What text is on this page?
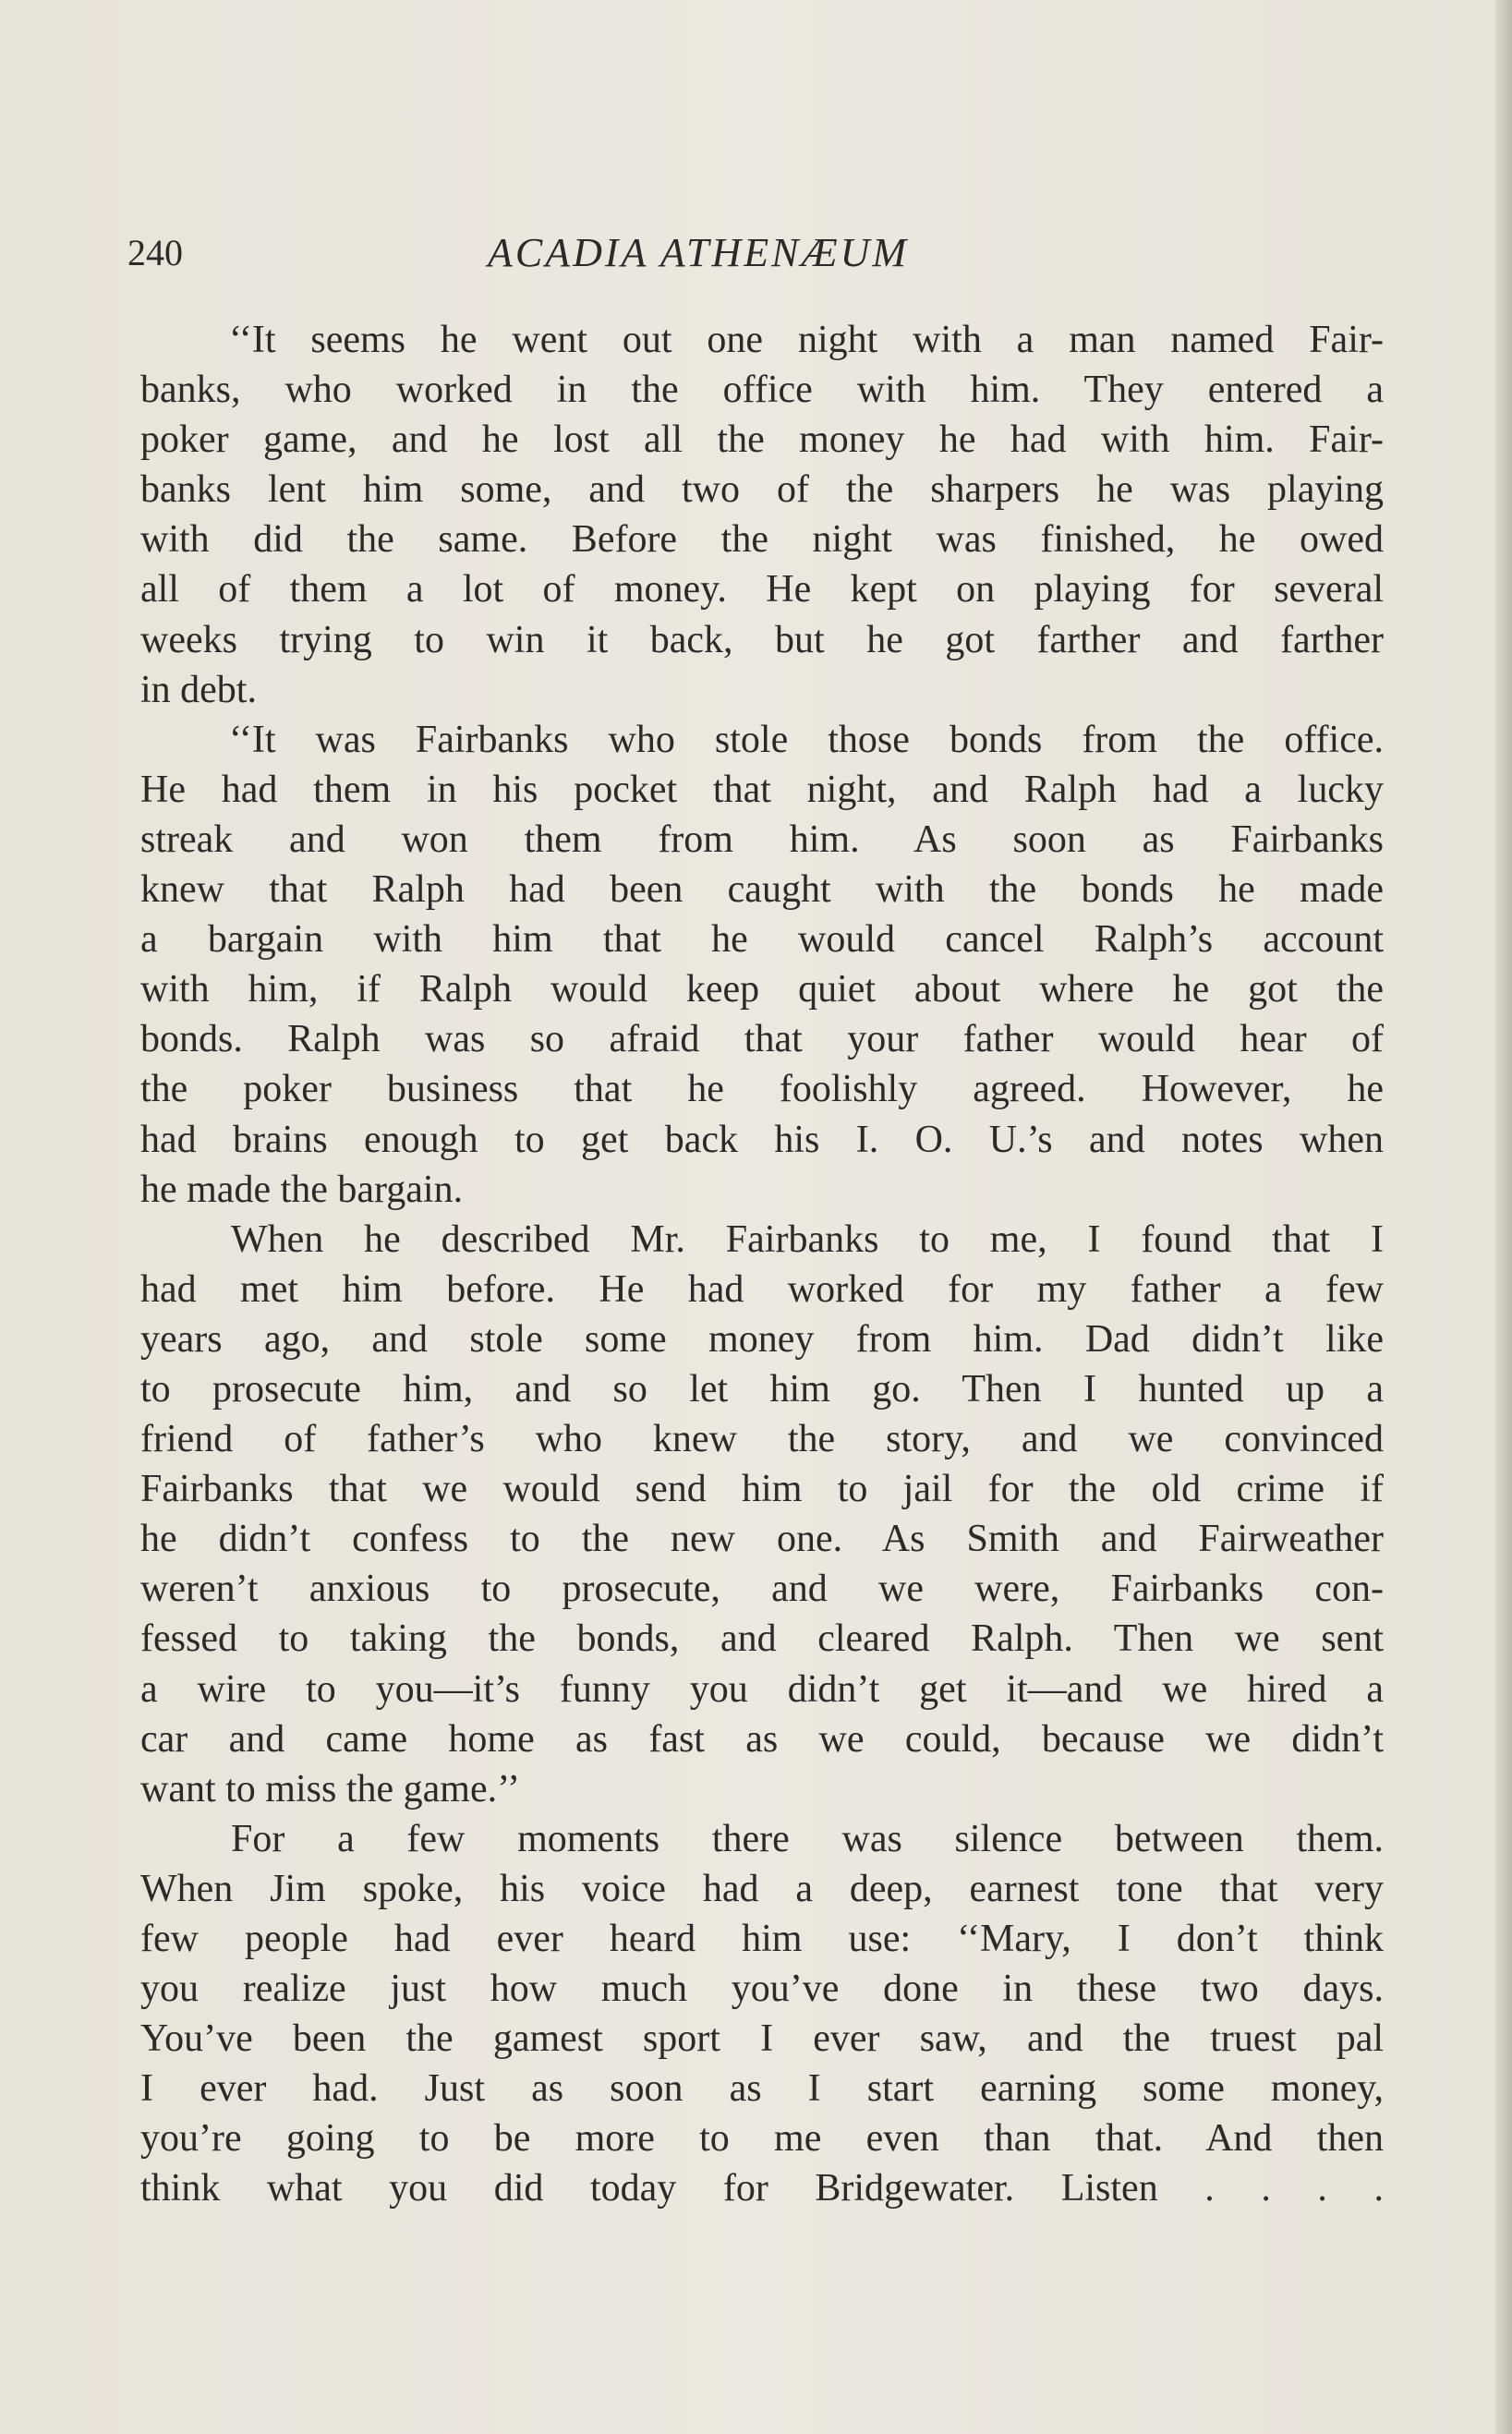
240	ACADIA ATHENÆUM

‘‘It seems he went out one night with a man named Fair-
banks, who worked in the office with him. They entered a
poker game, and he lost all the money he had with him. Fair-
banks lent him some, and two of the sharpers he was playing
with did the same. Before the night was finished, he owed
all of them a lot of money. He kept on playing for several
weeks trying to win it back, but he got farther and farther
in debt.

‘‘It was Fairbanks who stole those bonds from the office.
He had them in his pocket that night, and Ralph had a lucky
streak and won them from him. As soon as Fairbanks
knew that Ralph had been caught with the bonds he made
a bargain with him that he would cancel Ralph’s account
with him, if Ralph would keep quiet about where he got the
bonds. Ralph was so afraid that your father would hear of
the poker business that he foolishly agreed. However, he
had brains enough to get back his I. O. U.’s and notes when
he made the bargain.

When he described Mr. Fairbanks to me, I found that I
had met him before. He had worked for my father a few
years ago, and stole some money from him. Dad didn’t like
to prosecute him, and so let him go. Then I hunted up a
friend of father’s who knew the story, and we convinced
Fairbanks that we would send him to jail for the old crime if
he didn’t confess to the new one. As Smith and Fairweather
weren’t anxious to prosecute, and we were, Fairbanks con-
fessed to taking the bonds, and cleared Ralph. Then we sent
a wire to you—it’s funny you didn’t get it—and we hired a
car and came home as fast as we could, because we didn’t
want to miss the game.’’

For a few moments there was silence between them.
When Jim spoke, his voice had a deep, earnest tone that very
few people had ever heard him use: ‘‘Mary, I don’t think
you realize just how much you’ve done in these two days.
You’ve been the gamest sport I ever saw, and the truest pal
I ever had. Just as soon as I start earning some money,
you’re going to be more to me even than that. And then
think what you did today for Bridgewater. Listen . . . .
